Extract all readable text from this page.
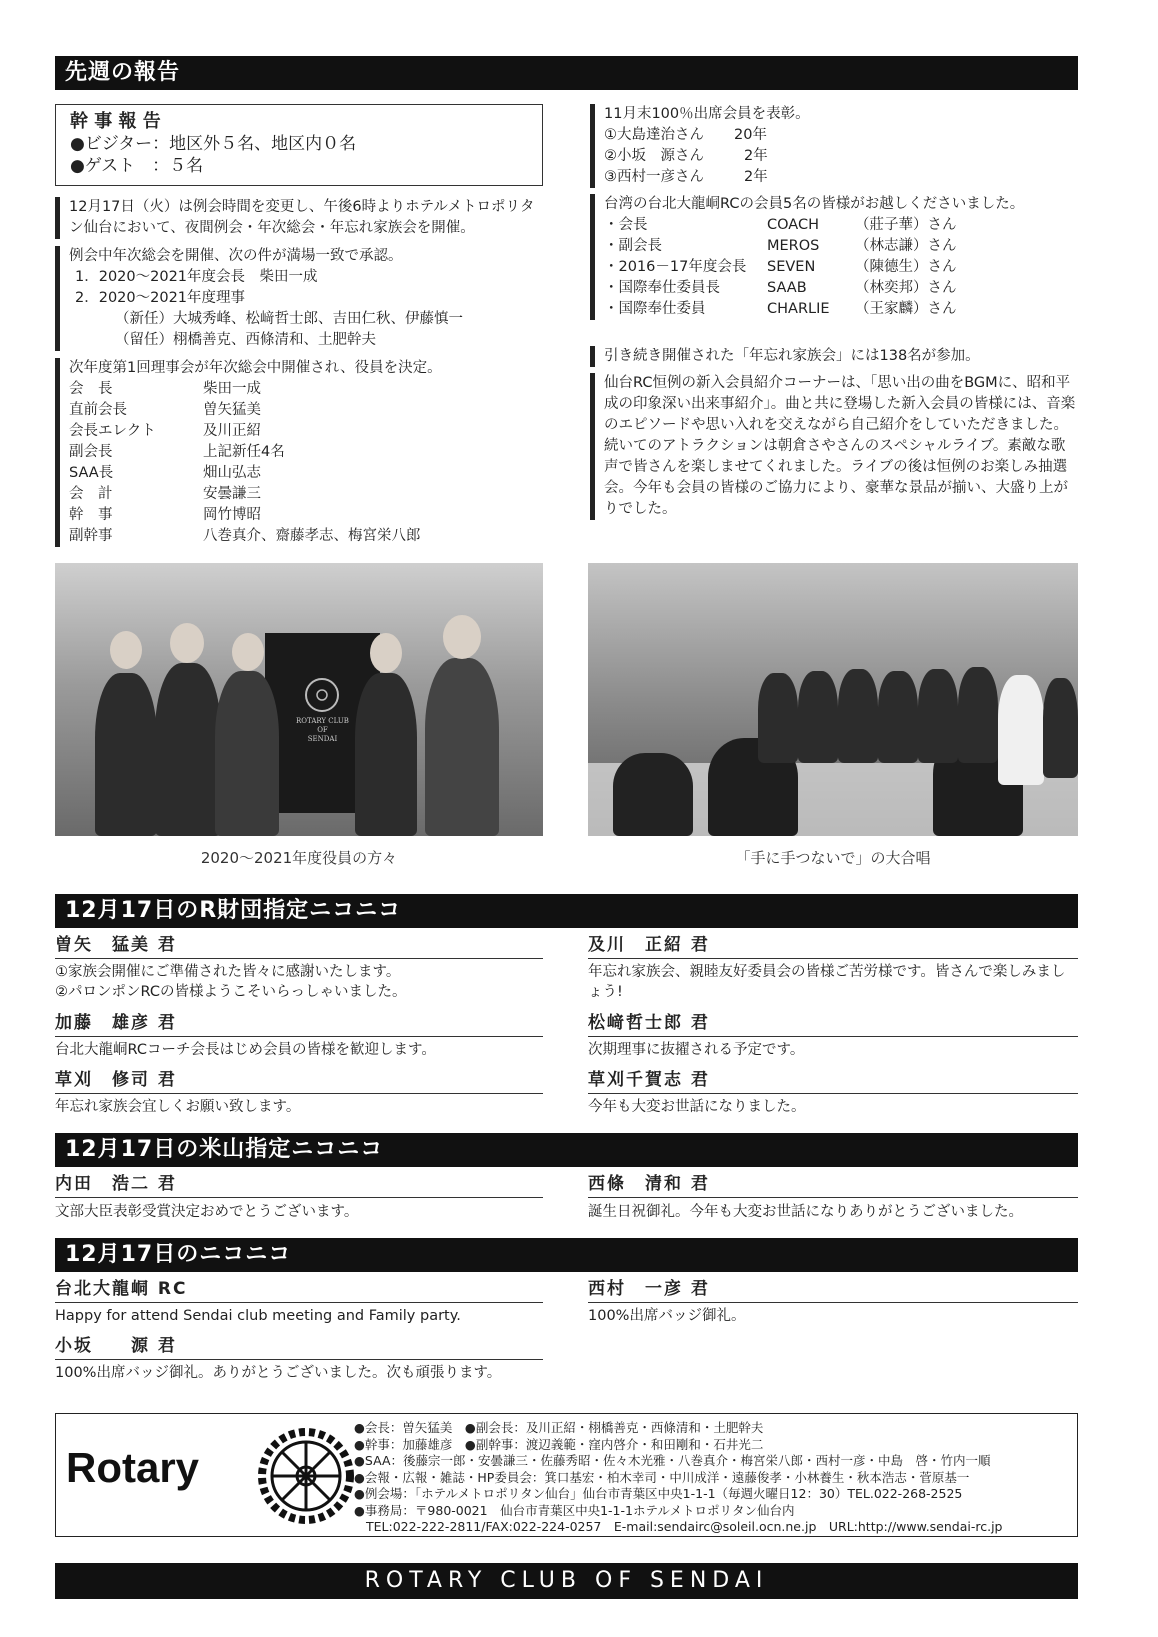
先週の報告
幹 事 報 告
●ビジター：地区外５名、地区内０名
●ゲスト　：５名
12月17日（火）は例会時間を変更し、午後6時よりホテルメトロポリタン仙台において、夜間例会・年次総会・年忘れ家族会を開催。
例会中年次総会を開催、次の件が満場一致で承認。
1．2020～2021年度会長　柴田一成
2．2020～2021年度理事
（新任）大城秀峰、松﨑哲士郎、吉田仁秋、伊藤慎一
（留任）栩橋善克、西條清和、土肥幹夫
次年度第1回理事会が年次総会中開催され、役員を決定。
会　長	柴田一成
直前会長	曽矢猛美
会長エレクト	及川正紹
副会長	上記新任4名
SAA長	畑山弘志
会　計	安曇謙三
幹　事	岡竹博昭
副幹事	八巻真介、齋藤孝志、梅宮栄八郎
11月末100％出席会員を表彰。
①大島達治さん	20年
②小坂　源さん	2年
③西村一彦さん	2年
台湾の台北大龍峒RCの会員5名の皆様がお越しくださいました。
・会長	COACH	（莊子華）さん
・副会長	MEROS	（林志謙）さん
・2016－17年度会長	SEVEN	（陳德生）さん
・国際奉仕委員長	SAAB	（林奕邦）さん
・国際奉仕委員	CHARLIE	（王家麟）さん
引き続き開催された「年忘れ家族会」には138名が参加。
仙台RC恒例の新入会員紹介コーナーは、「思い出の曲をBGMに、昭和平成の印象深い出来事紹介」。曲と共に登場した新入会員の皆様には、音楽のエピソードや思い入れを交えながら自己紹介をしていただきました。続いてのアトラクションは朝倉さやさんのスペシャルライブ。素敵な歌声で皆さんを楽しませてくれました。ライブの後は恒例のお楽しみ抽選会。今年も会員の皆様のご協力により、豪華な景品が揃い、大盛り上がりでした。
ROTARY CLUB
OF
SENDAI
2020～2021年度役員の方々	「手に手つないで」の大合唱
12月17日のR財団指定ニコニコ
曽矢　猛美 君
①家族会開催にご準備された皆々に感謝いたします。
②パロンポンRCの皆様ようこそいらっしゃいました。
加藤　雄彦 君
台北大龍峒RCコーチ会長はじめ会員の皆様を歓迎します。
草刈　修司 君
年忘れ家族会宜しくお願い致します。
及川　正紹 君
年忘れ家族会、親睦友好委員会の皆様ご苦労様です。皆さんで楽しみましょう!
松﨑哲士郎 君
次期理事に抜擢される予定です。
草刈千賀志 君
今年も大変お世話になりました。
12月17日の米山指定ニコニコ
内田　浩二 君
文部大臣表彰受賞決定おめでとうございます。
西條　清和 君
誕生日祝御礼。今年も大変お世話になりありがとうございました。
12月17日のニコニコ
台北大龍峒 RC
Happy for attend Sendai club meeting and Family party.
小坂　　源 君
100%出席バッジ御礼。ありがとうございました。次も頑張ります。
西村　一彦 君
100%出席バッジ御礼。
Rotary
●会長：曽矢猛美　●副会長：及川正紹・栩橋善克・西條清和・土肥幹夫
●幹事：加藤雄彦　●副幹事：渡辺義範・窪内啓介・和田剛和・石井光二
●SAA：後藤宗一郎・安曇謙三・佐藤秀昭・佐々木光雅・八巻真介・梅宮栄八郎・西村一彦・中島　啓・竹内一順
●会報・広報・雑誌・HP委員会：箕口基宏・柏木幸司・中川成洋・遠藤俊孝・小林養生・秋本浩志・菅原基一
●例会場：「ホテルメトロポリタン仙台」仙台市青葉区中央1-1-1（毎週火曜日12：30）TEL.022-268-2525
●事務局：〒980-0021　仙台市青葉区中央1-1-1ホテルメトロポリタン仙台内
TEL:022-222-2811/FAX:022-224-0257　E-mail:sendairc@soleil.ocn.ne.jp　URL:http://www.sendai-rc.jp
ROTARY CLUB OF SENDAI
